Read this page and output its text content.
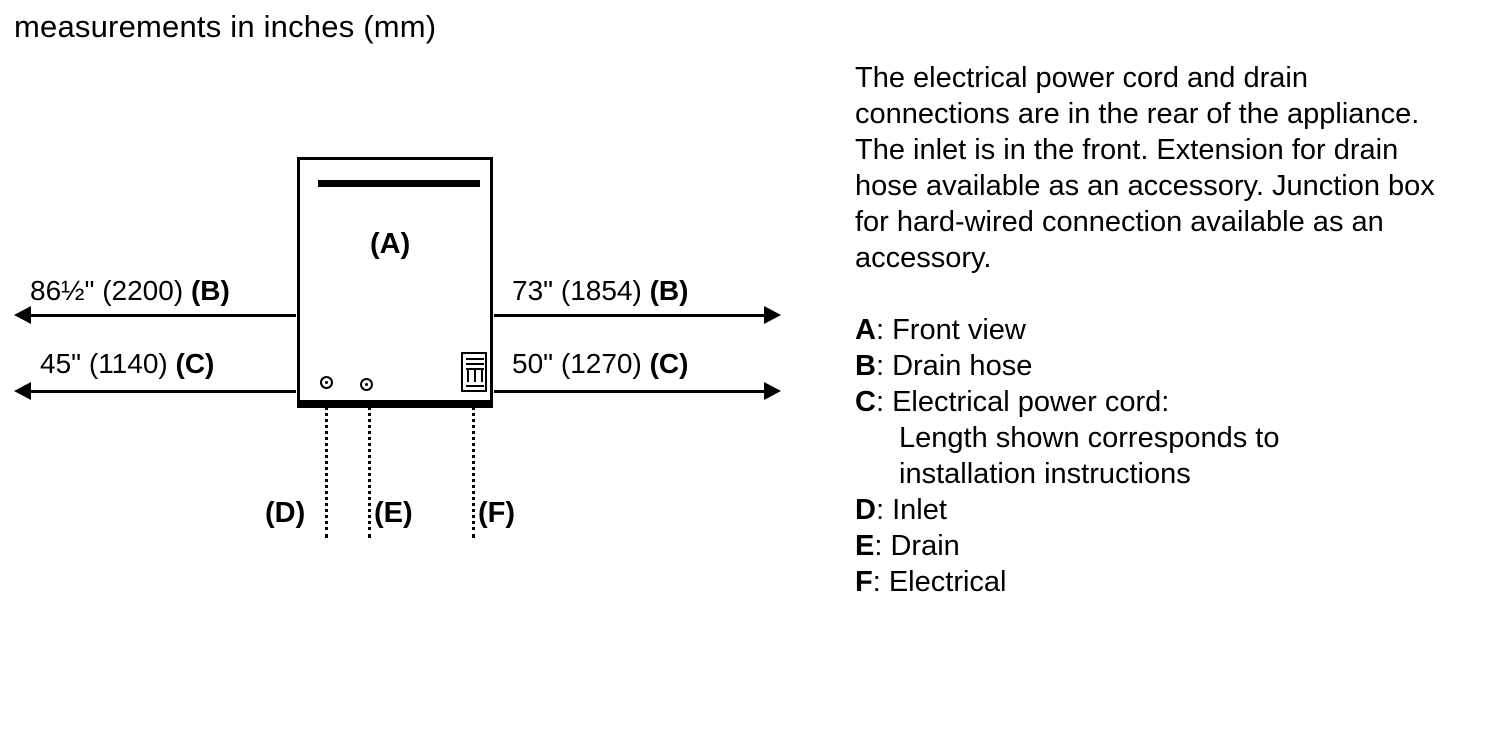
measurements in inches (mm)
(A)
86½" (2200) (B)	73" (1854) (B)
45" (1140) (C)	50" (1270) (C)
(D) (E) (F)
The electrical power cord and drain connections are in the rear of the appliance. The inlet is in the front. Extension for drain hose available as an accessory. Junction box for hard-wired connection available as an accessory.
A: Front view
B: Drain hose
C: Electrical power cord:
Length shown corresponds to
installation instructions
D: Inlet
E: Drain
F: Electrical
